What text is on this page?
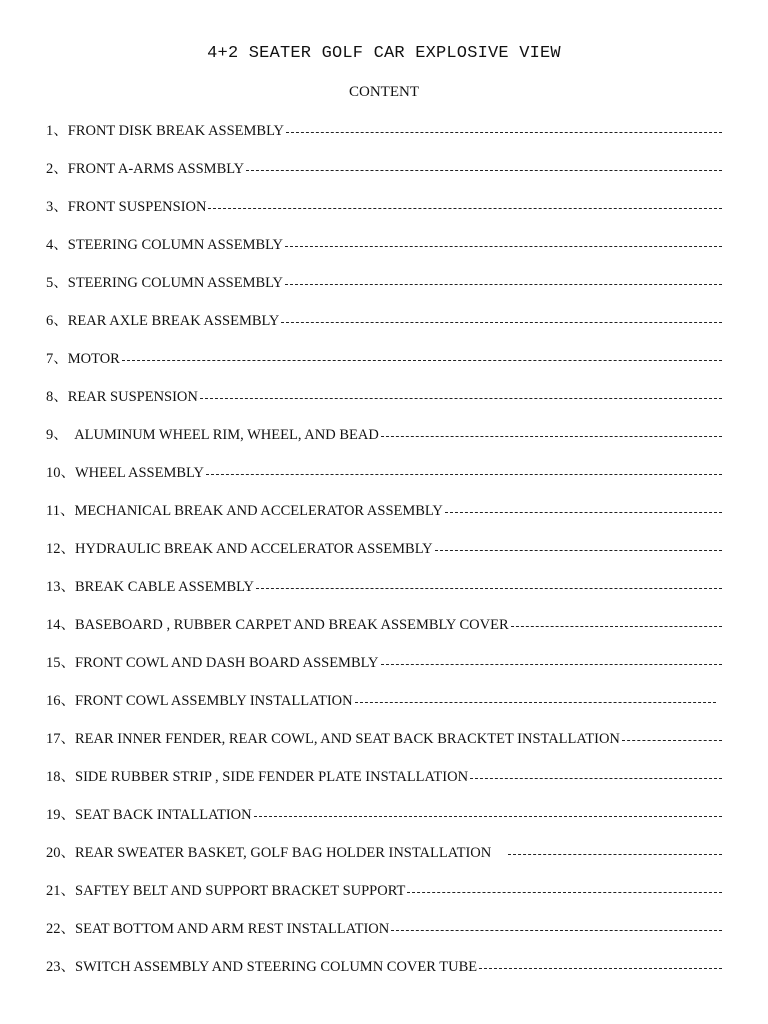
4+2 SEATER GOLF CAR EXPLOSIVE VIEW
CONTENT
1、 FRONT DISK BREAK ASSEMBLY
2、 FRONT A-ARMS ASSMBLY
3、 FRONT SUSPENSION
4、 STEERING COLUMN ASSEMBLY
5、 STEERING COLUMN ASSEMBLY
6、 REAR AXLE BREAK ASSEMBLY
7、 MOTOR
8、 REAR SUSPENSION
9、 ALUMINUM WHEEL RIM, WHEEL, AND BEAD
10、 WHEEL ASSEMBLY
11、 MECHANICAL BREAK AND ACCELERATOR ASSEMBLY
12、 HYDRAULIC BREAK AND ACCELERATOR ASSEMBLY
13、 BREAK CABLE ASSEMBLY
14、 BASEBOARD , RUBBER CARPET AND BREAK ASSEMBLY COVER
15、 FRONT COWL AND DASH BOARD ASSEMBLY
16、 FRONT COWL ASSEMBLY INSTALLATION
17、 REAR INNER FENDER, REAR COWL, AND SEAT BACK BRACKTET INSTALLATION
18、 SIDE RUBBER STRIP , SIDE FENDER PLATE INSTALLATION
19、 SEAT BACK INTALLATION
20、 REAR SWEATER BASKET, GOLF BAG HOLDER INSTALLATION
21、 SAFTEY BELT AND SUPPORT BRACKET SUPPORT
22、 SEAT BOTTOM AND ARM REST INSTALLATION
23、 SWITCH ASSEMBLY AND STEERING COLUMN COVER TUBE
